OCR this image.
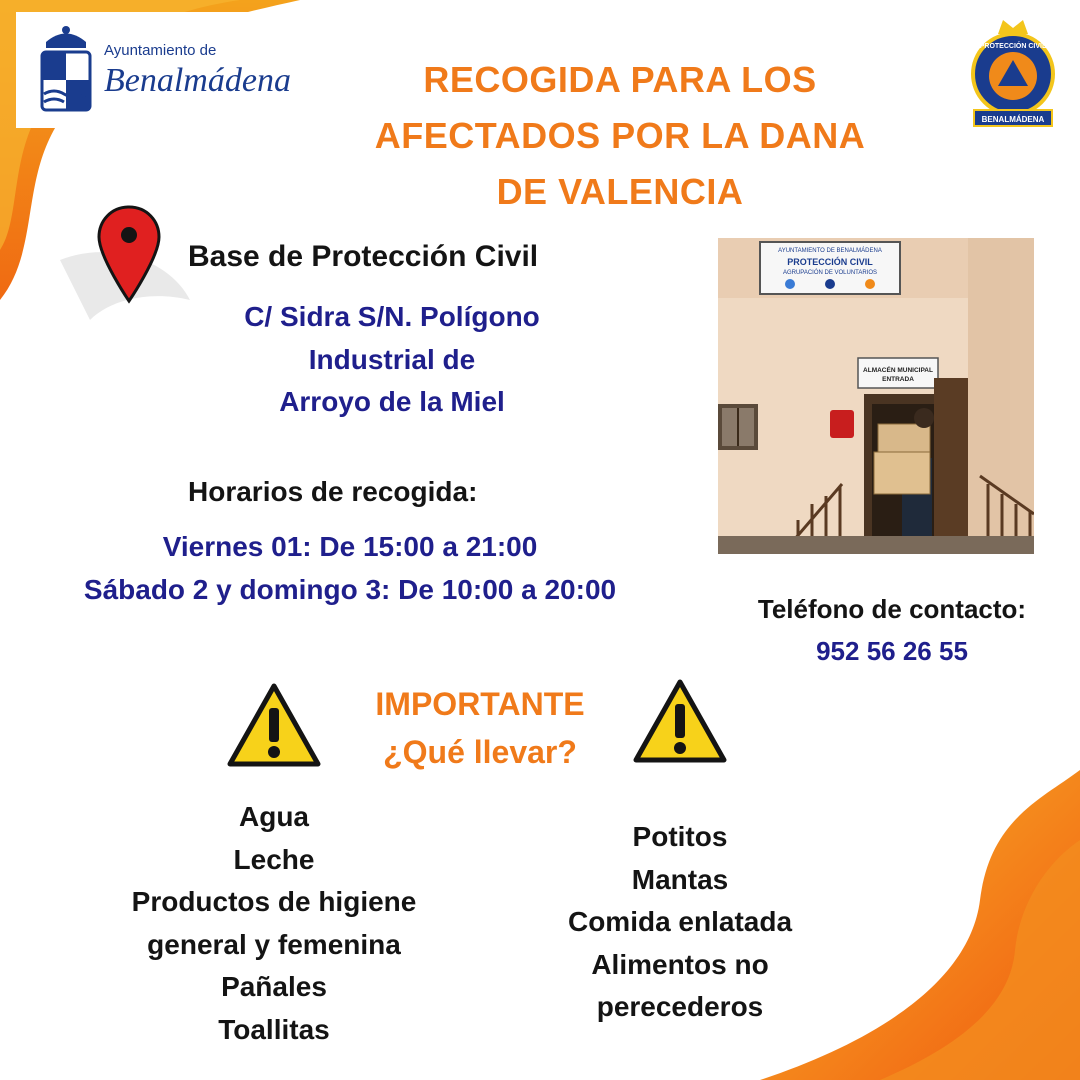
Ayuntamiento de
Benalmádena
BENALMÁDENA
PROTECCIÓN CIVIL
RECOGIDA PARA LOS
AFECTADOS POR LA DANA
DE VALENCIA
Base de Protección Civil
C/ Sidra S/N. Polígono
Industrial de
Arroyo de la Miel
Horarios de recogida:
Viernes 01: De 15:00 a 21:00
Sábado 2 y domingo 3: De 10:00 a 20:00
AYUNTAMIENTO DE BENALMÁDENA
PROTECCIÓN CIVIL
AGRUPACIÓN DE VOLUNTARIOS
ALMACÉN MUNICIPAL
ENTRADA
Teléfono de contacto:
952 56 26 55
IMPORTANTE
¿Qué llevar?
Agua
Leche
Productos de higiene
general y femenina
Pañales
Toallitas
Potitos
Mantas
Comida enlatada
Alimentos no
perecederos
